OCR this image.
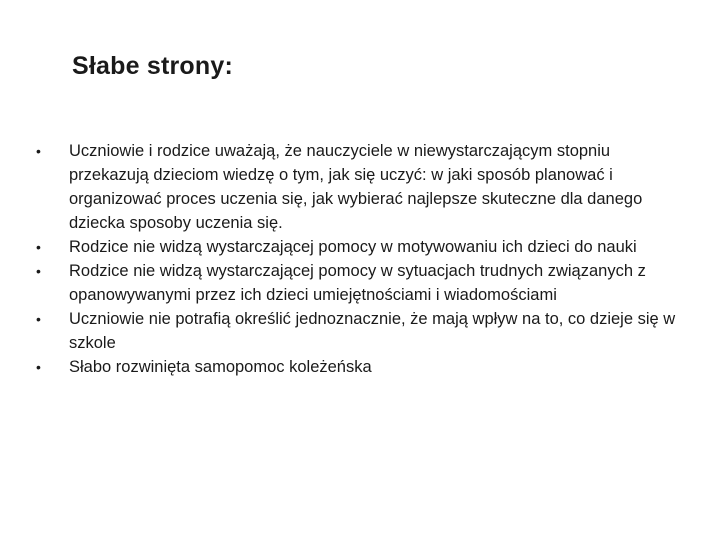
Słabe strony:
•	Uczniowie i rodzice uważają, że nauczyciele w niewystarczającym stopniu przekazują dzieciom wiedzę o tym, jak się uczyć: w jaki sposób planować i organizować proces uczenia się, jak wybierać najlepsze skuteczne dla danego dziecka sposoby uczenia się.
•	Rodzice nie widzą wystarczającej pomocy w motywowaniu ich dzieci do nauki
•	Rodzice nie widzą wystarczającej pomocy w sytuacjach trudnych związanych z opanowywanymi przez ich dzieci umiejętnościami i wiadomościami
•	Uczniowie nie potrafią określić jednoznacznie, że mają wpływ na to, co dzieje się w szkole
•	Słabo rozwinięta samopomoc koleżeńska
